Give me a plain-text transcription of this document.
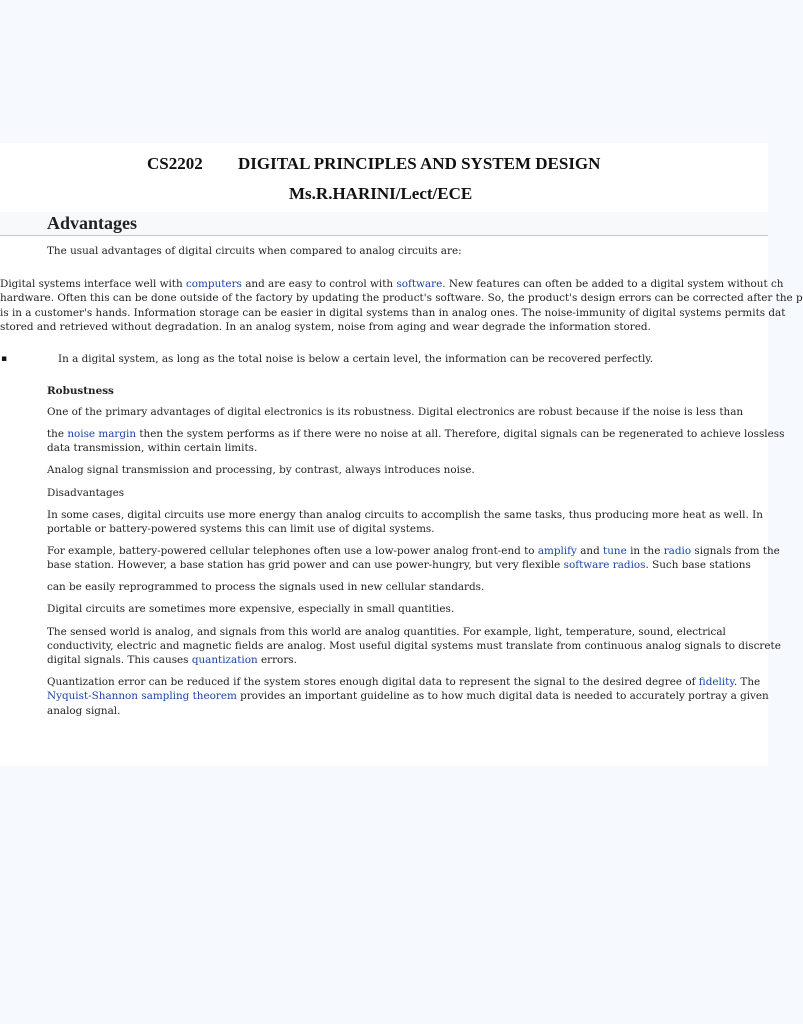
CS2202 DIGITAL PRINCIPLES AND SYSTEM DESIGN
Ms.R.HARINI/Lect/ECE
Advantages
The usual advantages of digital circuits when compared to analog circuits are:
Digital systems interface well with computers and are easy to control with software. New features can often be added to a digital system without ch
hardware. Often this can be done outside of the factory by updating the product's software. So, the product's design errors can be corrected after the p
is in a customer's hands. Information storage can be easier in digital systems than in analog ones. The noise-immunity of digital systems permits dat
stored and retrieved without degradation. In an analog system, noise from aging and wear degrade the information stored.
▪	In a digital system, as long as the total noise is below a certain level, the information can be recovered perfectly.
Robustness
One of the primary advantages of digital electronics is its robustness. Digital electronics are robust because if the noise is less than
the noise margin then the system performs as if there were no noise at all. Therefore, digital signals can be regenerated to achieve lossless
data transmission, within certain limits.
Analog signal transmission and processing, by contrast, always introduces noise.
Disadvantages
In some cases, digital circuits use more energy than analog circuits to accomplish the same tasks, thus producing more heat as well. In
portable or battery-powered systems this can limit use of digital systems.
For example, battery-powered cellular telephones often use a low-power analog front-end to amplify and tune in the radio signals from the
base station. However, a base station has grid power and can use power-hungry, but very flexible software radios. Such base stations
can be easily reprogrammed to process the signals used in new cellular standards.
Digital circuits are sometimes more expensive, especially in small quantities.
The sensed world is analog, and signals from this world are analog quantities. For example, light, temperature, sound, electrical
conductivity, electric and magnetic fields are analog. Most useful digital systems must translate from continuous analog signals to discrete
digital signals. This causes quantization errors.
Quantization error can be reduced if the system stores enough digital data to represent the signal to the desired degree of fidelity. The
Nyquist-Shannon sampling theorem provides an important guideline as to how much digital data is needed to accurately portray a given
analog signal.
